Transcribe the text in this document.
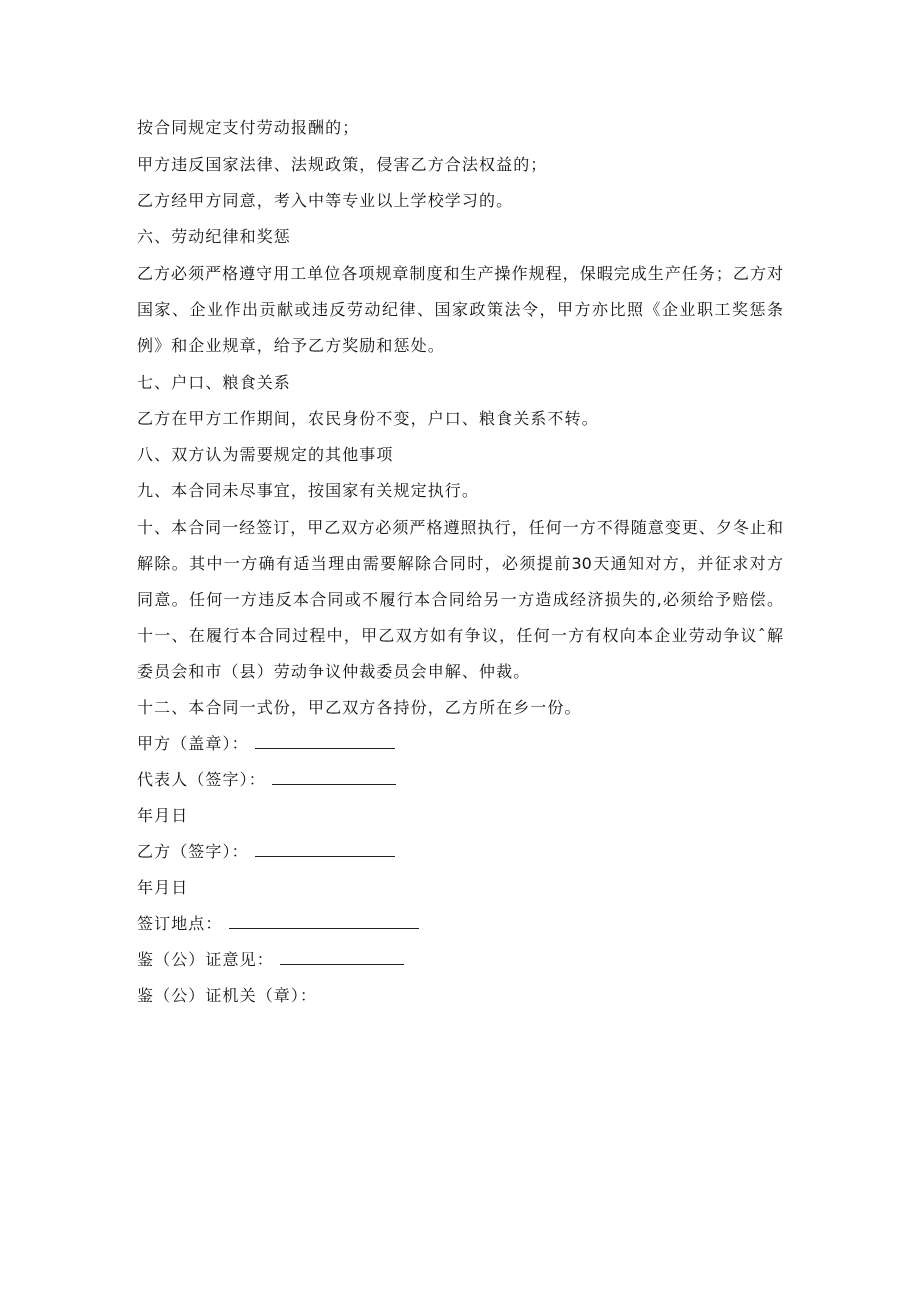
按合同规定支付劳动报酬的；
甲方违反国家法律、法规政策，侵害乙方合法权益的；
乙方经甲方同意，考入中等专业以上学校学习的。
六、劳动纪律和奖惩
乙方必须严格遵守用工单位各项规章制度和生产操作规程，保暇完成生产任务；乙方对
国家、企业作出贡献或违反劳动纪律、国家政策法令，甲方亦比照《企业职工奖惩条
例》和企业规章，给予乙方奖励和惩处。
七、户口、粮食关系
乙方在甲方工作期间，农民身份不变，户口、粮食关系不转。
八、双方认为需要规定的其他事项
九、本合同未尽事宜，按国家有关规定执行。
十、本合同一经签订，甲乙双方必须严格遵照执行，任何一方不得随意变更、夕冬止和
解除。其中一方确有适当理由需要解除合同时，必须提前30天通知对方，并征求对方
同意。任何一方违反本合同或不履行本合同给另一方造成经济损失的,必须给予赔偿。
十一、在履行本合同过程中，甲乙双方如有争议，任何一方有权向本企业劳动争议ˆ解
委员会和市（县）劳动争议仲裁委员会申解、仲裁。
十二、本合同一式份，甲乙双方各持份，乙方所在乡一份。
甲方（盖章）：
代表人（签字）：
年月日
乙方（签字）：
年月日
签订地点：
鉴（公）证意见：
鉴（公）证机关（章）：
